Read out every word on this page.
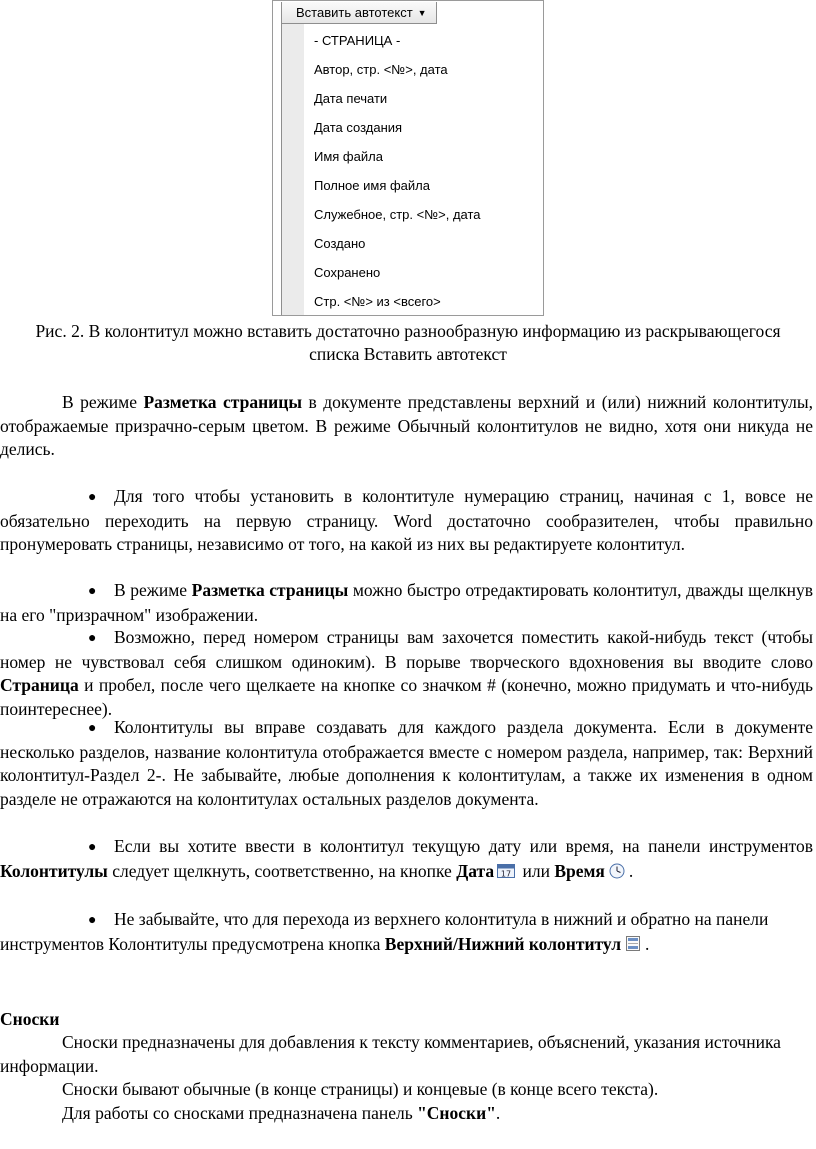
Вставить автотекст ▼
- СТРАНИЦА -
Автор, стр. <№>, дата
Дата печати
Дата создания
Имя файла
Полное имя файла
Служебное, стр. <№>, дата
Создано
Сохранено
Стр. <№> из <всего>
Рис. 2. В колонтитул можно вставить достаточно разнообразную информацию из раскрывающегося списка Вставить автотекст
В режиме Разметка страницы в документе представлены верхний и (или) нижний колонтитулы, отображаемые призрачно-серым цветом. В режиме Обычный колонтитулов не видно, хотя они никуда не делись.
● Для того чтобы установить в колонтитуле нумерацию страниц, начиная с 1, вовсе не обязательно переходить на первую страницу. Word достаточно сообразителен, чтобы правильно пронумеровать страницы, независимо от того, на какой из них вы редактируете колонтитул.
● В режиме Разметка страницы можно быстро отредактировать колонтитул, дважды щелкнув на его "призрачном" изображении.
● Возможно, перед номером страницы вам захочется поместить какой-нибудь текст (чтобы номер не чувствовал себя слишком одиноким). В порыве творческого вдохновения вы вводите слово Страница и пробел, после чего щелкаете на кнопке со значком # (конечно, можно придумать и что-нибудь поинтереснее).
● Колонтитулы вы вправе создавать для каждого раздела документа. Если в документе несколько разделов, название колонтитула отображается вместе с номером раздела, например, так: Верхний колонтитул-Раздел 2-. Не забывайте, любые дополнения к колонтитулам, а также их изменения в одном разделе не отражаются на колонтитулах остальных разделов документа.
● Если вы хотите ввести в колонтитул текущую дату или время, на панели инструментов Колонтитулы следует щелкнуть, соответственно, на кнопке Дата 17 или Время .
● Не забывайте, что для перехода из верхнего колонтитула в нижний и обратно на панели инструментов Колонтитулы предусмотрена кнопка Верхний/Нижний колонтитул .
Сноски
Сноски предназначены для добавления к тексту комментариев, объяснений, указания источника информации.
Сноски бывают обычные (в конце страницы) и концевые (в конце всего текста).
Для работы со сносками предназначена панель "Сноски".
